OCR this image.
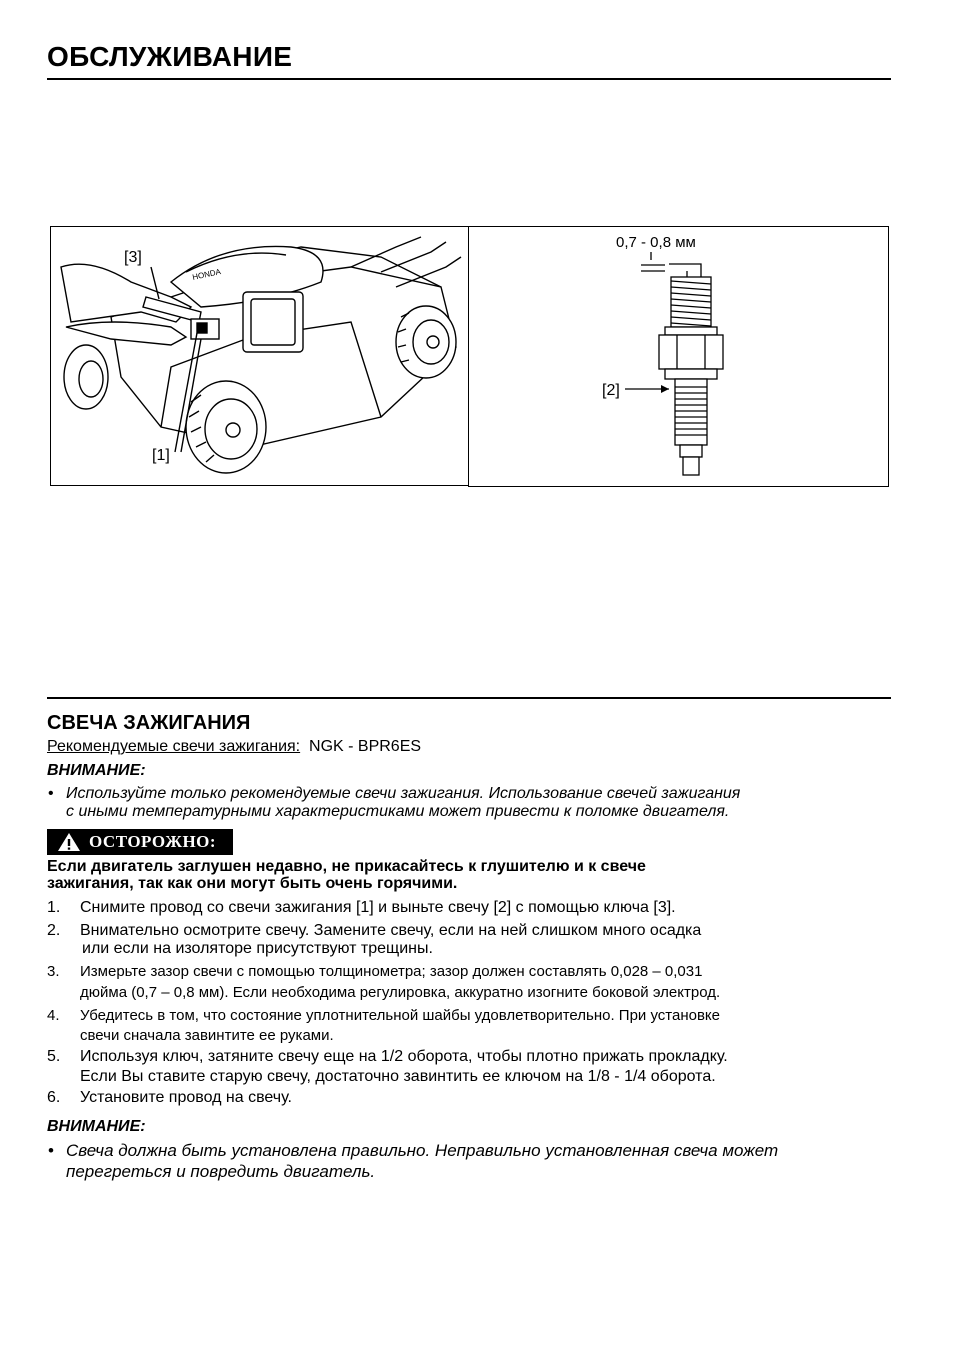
ОБСЛУЖИВАНИЕ
HONDA
[3]
[1]
0,7 - 0,8 мм
[2]
СВЕЧА ЗАЖИГАНИЯ
Рекомендуемые свечи зажигания: NGK - BPR6ES
ВНИМАНИЕ:
• Используйте только рекомендуемые свечи зажигания. Использование свечей зажигания
с иными температурными характеристиками может привести к поломке двигателя.
ОСТОРОЖНО:
Если двигатель заглушен недавно, не прикасайтесь к глушителю и к свече
зажигания, так как они могут быть очень горячими.
1. Снимите провод со свечи зажигания [1] и выньте свечу [2] с помощью ключа [3].
2. Внимательно осмотрите свечу. Замените свечу, если на ней слишком много осадка
или если на изоляторе присутствуют трещины.
3. Измерьте зазор свечи с помощью толщинометра; зазор должен составлять 0,028 – 0,031
дюйма (0,7 – 0,8 мм). Если необходима регулировка, аккуратно изогните боковой электрод.
4. Убедитесь в том, что состояние уплотнительной шайбы удовлетворительно. При установке
свечи сначала завинтите ее руками.
5. Используя ключ, затяните свечу еще на 1/2 оборота, чтобы плотно прижать прокладку.
Если Вы ставите старую свечу, достаточно завинтить ее ключом на 1/8 - 1/4 оборота.
6. Установите провод на свечу.
ВНИМАНИЕ:
• Свеча должна быть установлена правильно. Неправильно установленная свеча может
перегреться и повредить двигатель.
